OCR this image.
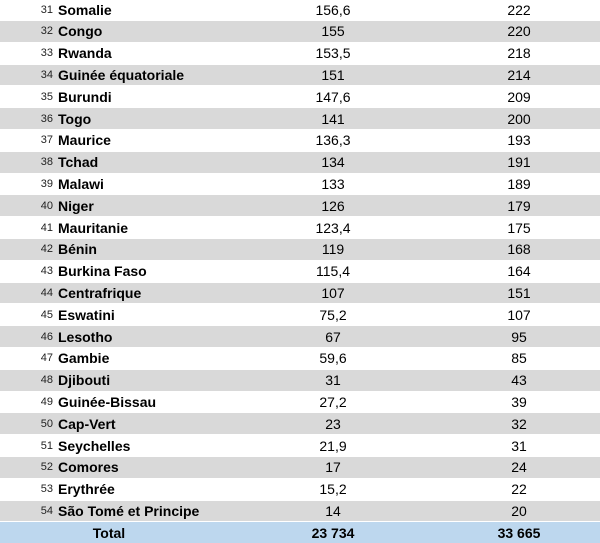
31	Somalie	156,6	222
32	Congo	155	220
33	Rwanda	153,5	218
34	Guinée équatoriale	151	214
35	Burundi	147,6	209
36	Togo	141	200
37	Maurice	136,3	193
38	Tchad	134	191
39	Malawi	133	189
40	Niger	126	179
41	Mauritanie	123,4	175
42	Bénin	119	168
43	Burkina Faso	115,4	164
44	Centrafrique	107	151
45	Eswatini	75,2	107
46	Lesotho	67	95
47	Gambie	59,6	85
48	Djibouti	31	43
49	Guinée-Bissau	27,2	39
50	Cap-Vert	23	32
51	Seychelles	21,9	31
52	Comores	17	24
53	Erythrée	15,2	22
54	São Tomé et Principe	14	20
Total		23 734	33 665
